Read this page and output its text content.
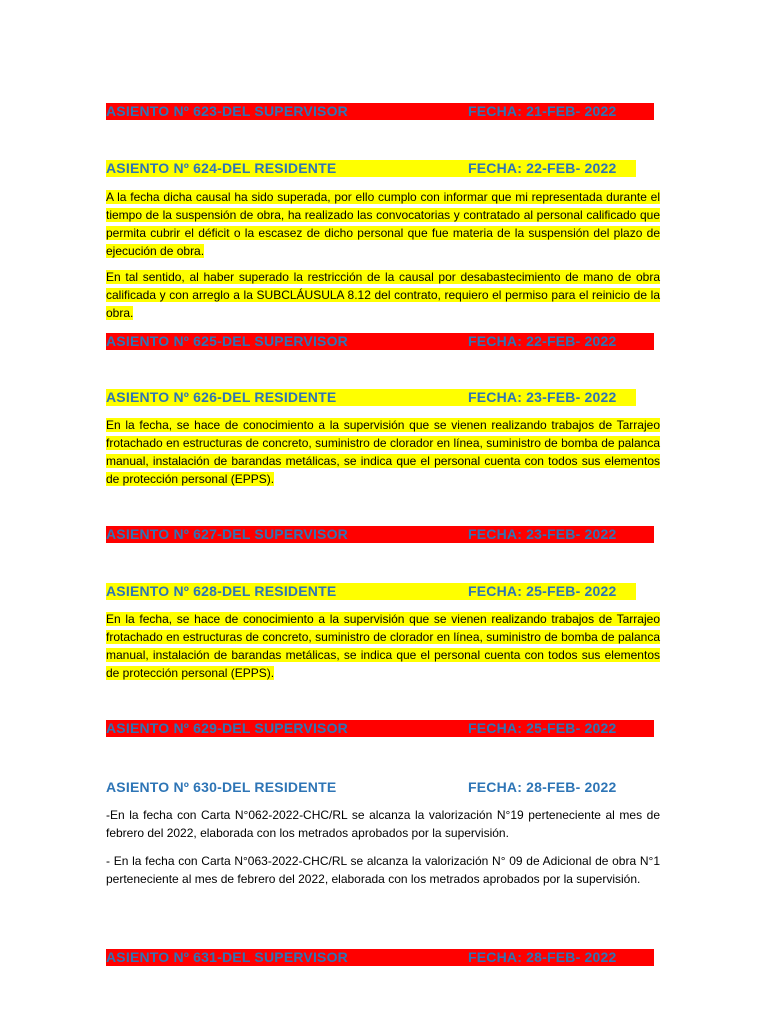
ASIENTO Nº 623-DEL SUPERVISOR	FECHA: 21-FEB- 2022
ASIENTO Nº 624-DEL RESIDENTE	FECHA: 22-FEB- 2022
A la fecha dicha causal ha sido superada, por ello cumplo con informar que mi representada durante el tiempo de la suspensión de obra, ha realizado las convocatorias y contratado al personal calificado que permita cubrir el déficit o la escasez de dicho personal que fue materia de la suspensión del plazo de ejecución de obra.
En tal sentido, al haber superado la restricción de la causal por desabastecimiento de mano de obra calificada y con arreglo a la SUBCLÁUSULA 8.12 del contrato, requiero el permiso para el reinicio de la obra.
ASIENTO Nº 625-DEL SUPERVISOR	FECHA: 22-FEB- 2022
ASIENTO Nº 626-DEL RESIDENTE	FECHA: 23-FEB- 2022
En la fecha, se hace de conocimiento a la supervisión que se vienen realizando trabajos de Tarrajeo frotachado en estructuras de concreto, suministro de clorador en línea, suministro de bomba de palanca manual, instalación de barandas metálicas, se indica que el personal cuenta con todos sus elementos de protección personal (EPPS).
ASIENTO Nº 627-DEL SUPERVISOR	FECHA: 23-FEB- 2022
ASIENTO Nº 628-DEL RESIDENTE	FECHA: 25-FEB- 2022
En la fecha, se hace de conocimiento a la supervisión que se vienen realizando trabajos de Tarrajeo frotachado en estructuras de concreto, suministro de clorador en línea, suministro de bomba de palanca manual, instalación de barandas metálicas, se indica que el personal cuenta con todos sus elementos de protección personal (EPPS).
ASIENTO Nº 629-DEL SUPERVISOR	FECHA: 25-FEB- 2022
ASIENTO Nº 630-DEL RESIDENTE	FECHA: 28-FEB- 2022
-En la fecha con Carta N°062-2022-CHC/RL se alcanza la valorización N°19 perteneciente al mes de febrero del 2022, elaborada con los metrados aprobados por la supervisión.
- En la fecha con Carta N°063-2022-CHC/RL se alcanza la valorización N° 09 de Adicional de obra N°1 perteneciente al mes de febrero del 2022, elaborada con los metrados aprobados por la supervisión.
ASIENTO Nº 631-DEL SUPERVISOR	FECHA: 28-FEB- 2022
